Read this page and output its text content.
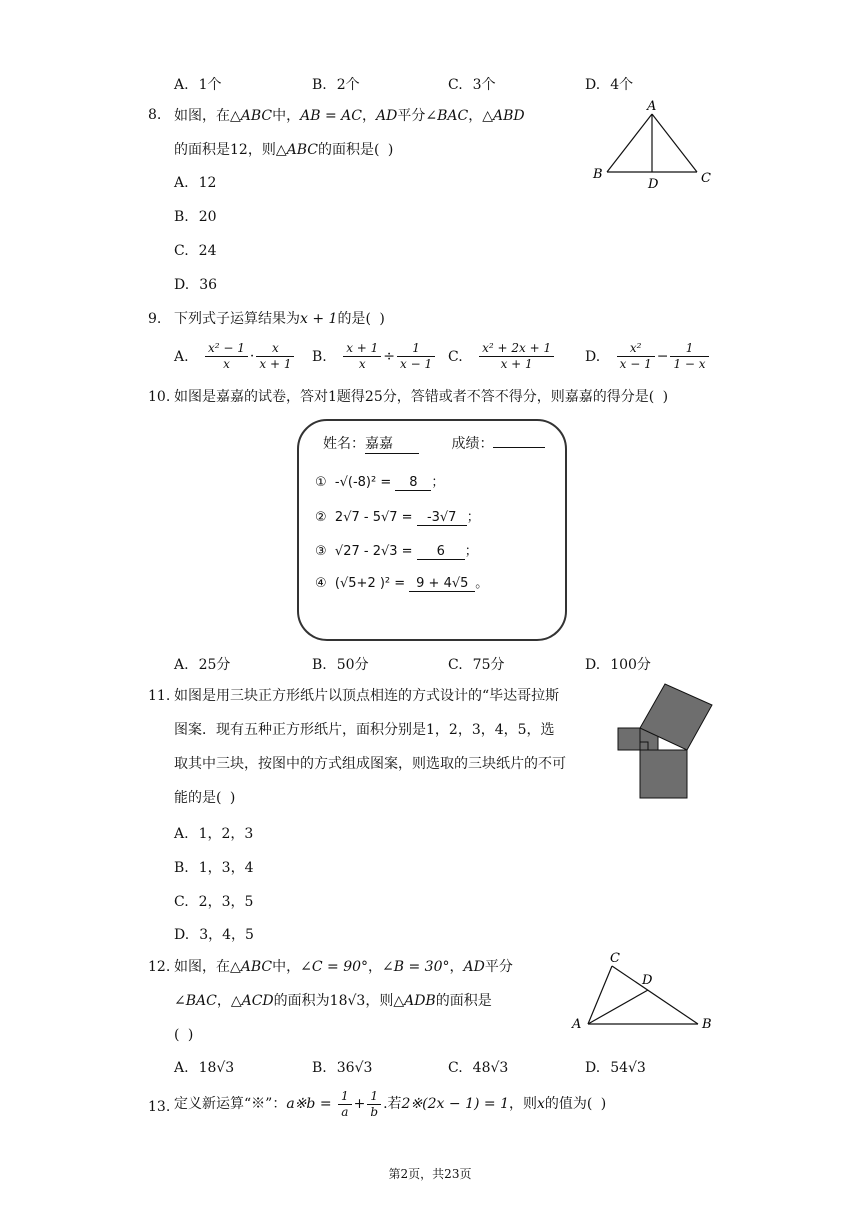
A. 1个	B. 2个	C. 3个	D. 4个
8. 如图，在△ABC中，AB = AC，AD平分∠BAC，△ABD
的面积是12，则△ABC的面积是( )
A. 12
B. 20
C. 24
D. 36
A
B	C
D
9. 下列式子运算结果为x + 1的是( )
A. $\frac{\text{x² − 1}}{x} \cdot \frac{x}{x + 1} B$. $\frac{x + 1}{x} \div \frac{1}{x - 1} C$. $\frac{\text{x² + 2x + 1}}{x + 1} D$. $\frac{\text{x²}}{x - 1} - \frac{1}{1 - x}$
10. 如图是嘉嘉的试卷，答对1题得25分，答错或者不答不得分，则嘉嘉的得分是( )
姓名：嘉嘉	成绩：
① -√(-8)² = 8 ；
② 2√7 - 5√7 = -3√7 ；
③ √27 - 2√3 = 6 ；
④ (√5+2 )² = 9 + 4√5 。
A. 25分	B. 50分	C. 75分	D. 100分
11. 如图是用三块正方形纸片以顶点相连的方式设计的“毕达哥拉斯
图案．现有五种正方形纸片，面积分别是1，2，3，4，5，选
取其中三块，按图中的方式组成图案，则选取的三块纸片的不可
能的是( )
A. 1，2，3
B. 1，3，4
C. 2，3，5
D. 3，4，5
12. 如图，在△ABC中，∠C = 90°，∠B = 30°，AD平分
∠BAC，△ACD的面积为18√3，则△ADB的面积是
( )
C
D
A	B
A. 18√3	B. 36√3	C. 48√3	D. 54√3
13. 定义新运算“※”：a※b = $\frac{1}{a} + \frac{1}{b}$ .若2※(2x − 1) = 1，则x的值为( )
第2页，共23页
